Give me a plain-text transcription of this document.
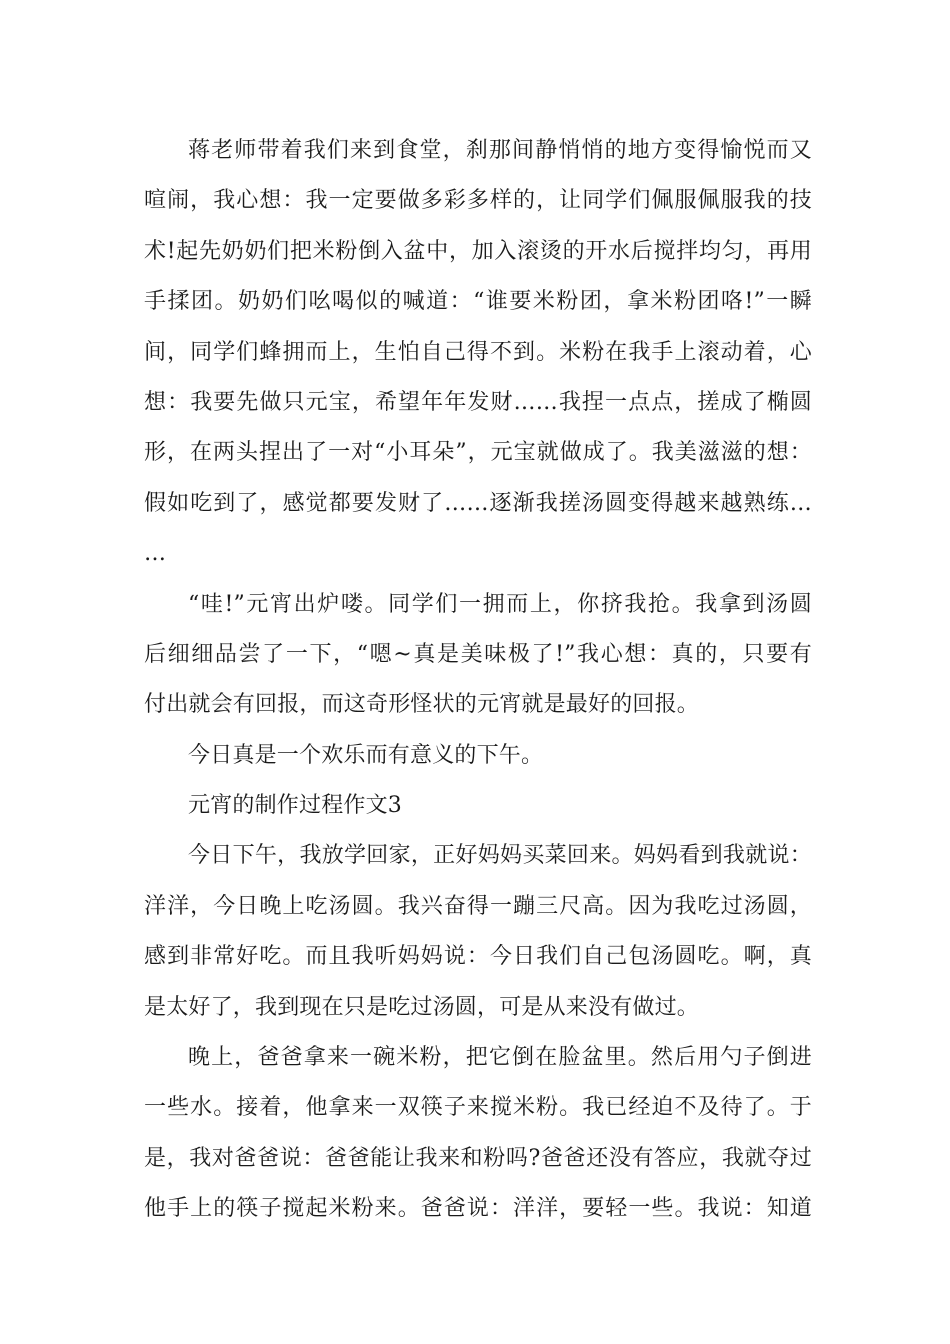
蒋老师带着我们来到食堂，刹那间静悄悄的地方变得愉悦而又
喧闹，我心想：我一定要做多彩多样的，让同学们佩服佩服我的技
术!起先奶奶们把米粉倒入盆中，加入滚烫的开水后搅拌均匀，再用
手揉团。奶奶们吆喝似的喊道：“谁要米粉团，拿米粉团咯!”一瞬
间，同学们蜂拥而上，生怕自己得不到。米粉在我手上滚动着，心
想：我要先做只元宝，希望年年发财……我捏一点点，搓成了椭圆
形，在两头捏出了一对“小耳朵”，元宝就做成了。我美滋滋的想：
假如吃到了，感觉都要发财了……逐渐我搓汤圆变得越来越熟练…
…
“哇!”元宵出炉喽。同学们一拥而上，你挤我抢。我拿到汤圆
后细细品尝了一下，“嗯~真是美味极了!”我心想：真的，只要有
付出就会有回报，而这奇形怪状的元宵就是最好的回报。
今日真是一个欢乐而有意义的下午。
元宵的制作过程作文3
今日下午，我放学回家，正好妈妈买菜回来。妈妈看到我就说：
洋洋，今日晚上吃汤圆。我兴奋得一蹦三尺高。因为我吃过汤圆，
感到非常好吃。而且我听妈妈说：今日我们自己包汤圆吃。啊，真
是太好了，我到现在只是吃过汤圆，可是从来没有做过。
晚上，爸爸拿来一碗米粉，把它倒在脸盆里。然后用勺子倒进
一些水。接着，他拿来一双筷子来搅米粉。我已经迫不及待了。于
是，我对爸爸说：爸爸能让我来和粉吗?爸爸还没有答应，我就夺过
他手上的筷子搅起米粉来。爸爸说：洋洋，要轻一些。我说：知道
